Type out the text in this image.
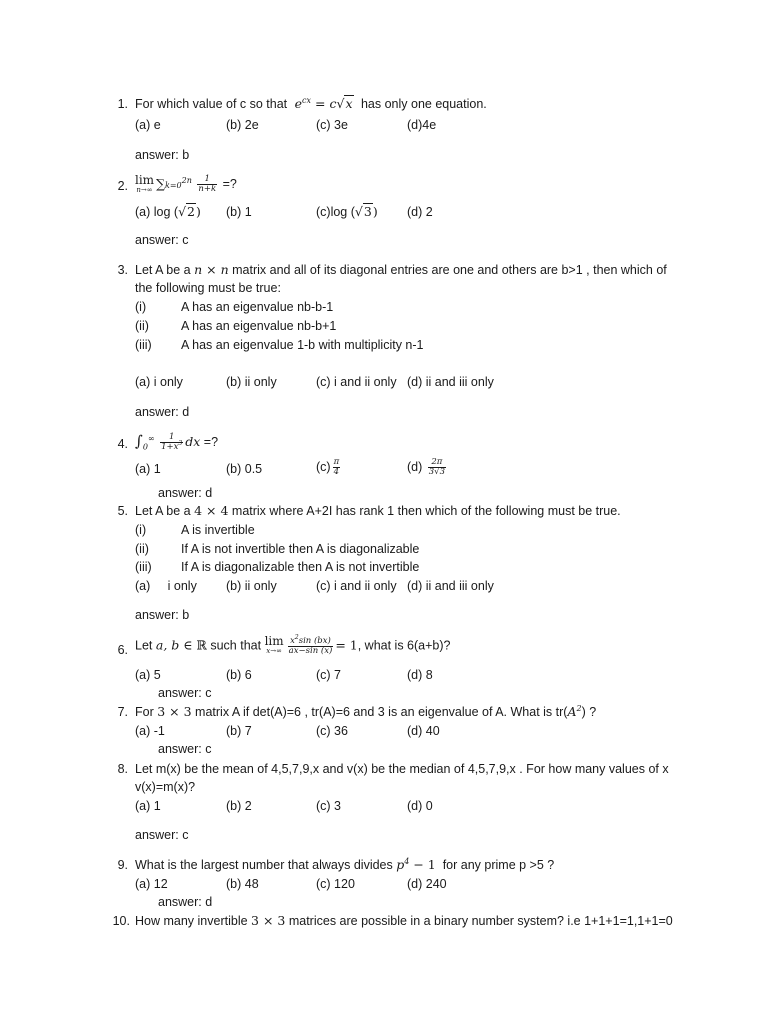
1. For which value of c so that  $e^{cx} = c√x$ has only one equation.
(a) e	(b) 2e	(c) 3e	(d)4e
answer: b
2. lim
n→∞ $\sum k=0^{2n} \frac{1}{n+k}$ =?
(a) log (√2) (b) 1	(c)log (√3) (d) 2
answer: c
3. Let A be a n × n matrix and all of its diagonal entries are one and others are b>1 , then which of
the following must be true:
(i)	A has an eigenvalue nb-b-1
(ii)	A has an eigenvalue nb-b+1
(iii) A has an eigenvalue 1-b with multiplicity n-1
(a) i only	(b) ii only	(c) i and ii only (d) ii and iii only
answer: d
4. $\int_0^\infty \frac{1}{1+x^3}$ dx =?
(a) 1	(b) 0.5	$(c) \frac{\pi}{4}$	$(d) \frac{2\pi}{3√3}$
answer: d
5. Let A be a 4 × 4 matrix where A+2I has rank 1 then which of the following must be true.
(i)	A is invertible
(ii)	If A is not invertible then A is diagonalizable
(iii) If A is diagonalizable then A is not invertible
(a)     i only (b) ii only	(c) i and ii only (d) ii and iii only
answer: b
6. Let a, b ∈ ℝ such that lim
$x\to\infty \frac{x^2\sin (bx)}{ax-\sin (x)} = 1$, what is 6(a+b)?
(a) 5	(b) 6	(c) 7	(d) 8
answer: c
7. For 3 × 3 matrix A if det(A)=6 , tr(A)=6 and 3 is an eigenvalue of A. What is $tr(A^2)$ ?
(a) -1	(b) 7	(c) 36	(d) 40
answer: c
8. Let m(x) be the mean of 4,5,7,9,x and v(x) be the median of 4,5,7,9,x . For how many values of x
v(x)=m(x)?
(a) 1	(b) 2	(c) 3	(d) 0
answer: c
9. What is the largest number that always divides $p^4 - 1$ for any prime p >5 ?
(a) 12	(b) 48	(c) 120	(d) 240
answer: d
10. How many invertible 3 × 3 matrices are possible in a binary number system? i.e 1+1+1=1,1+1=0
